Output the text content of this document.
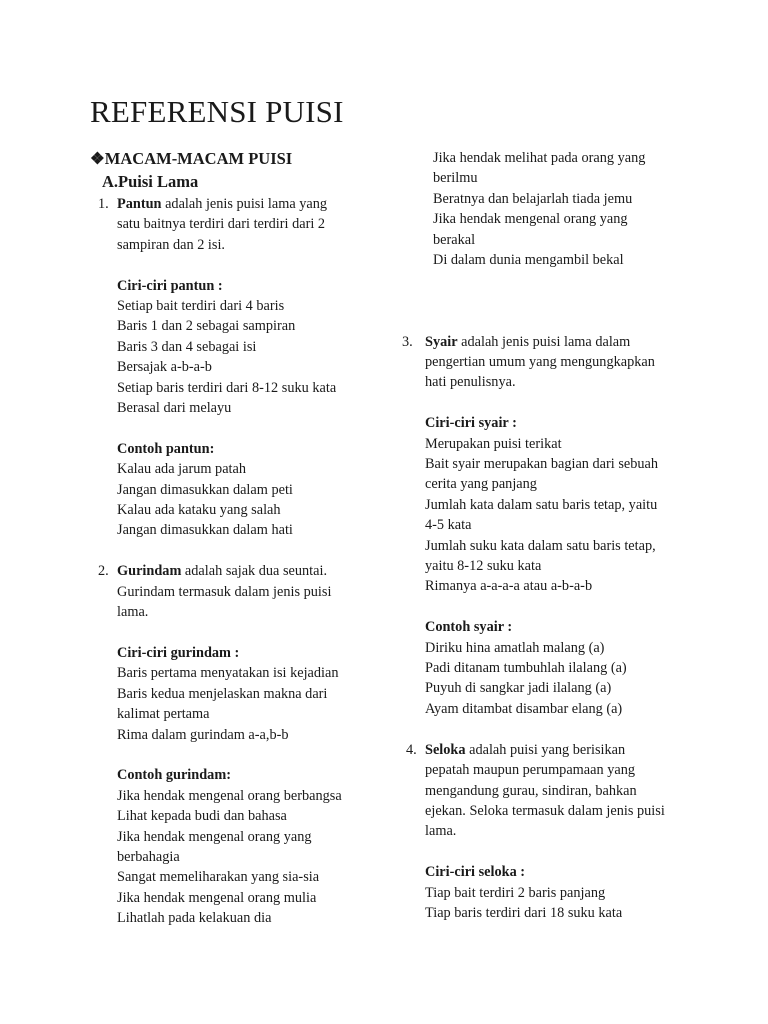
REFERENSI PUISI
❖MACAM-MACAM PUISI
A.Puisi Lama
1. Pantun adalah jenis puisi lama yang
satu baitnya terdiri dari terdiri dari 2
sampiran dan 2 isi.
Ciri-ciri pantun :
Setiap bait terdiri dari 4 baris
Baris 1 dan 2 sebagai sampiran
Baris 3 dan 4 sebagai isi
Bersajak a-b-a-b
Setiap baris terdiri dari 8-12 suku kata
Berasal dari melayu
Contoh pantun:
Kalau ada jarum patah
Jangan dimasukkan dalam peti
Kalau ada kataku yang salah
Jangan dimasukkan dalam hati
2. Gurindam adalah sajak dua seuntai.
Gurindam termasuk dalam jenis puisi
lama.
Ciri-ciri gurindam :
Baris pertama menyatakan isi kejadian
Baris kedua menjelaskan makna dari
kalimat pertama
Rima dalam gurindam a-a,b-b
Contoh gurindam:
Jika hendak mengenal orang berbangsa
Lihat kepada budi dan bahasa
Jika hendak mengenal orang yang
berbahagia
Sangat memeliharakan yang sia-sia
Jika hendak mengenal orang mulia
Lihatlah pada kelakuan dia
Jika hendak melihat pada orang yang
berilmu
Beratnya dan belajarlah tiada jemu
Jika hendak mengenal orang yang
berakal
Di dalam dunia mengambil bekal
3. Syair adalah jenis puisi lama dalam
pengertian umum yang mengungkapkan
hati penulisnya.
Ciri-ciri syair :
Merupakan puisi terikat
Bait syair merupakan bagian dari sebuah
cerita yang panjang
Jumlah kata dalam satu baris tetap, yaitu
4-5 kata
Jumlah suku kata dalam satu baris tetap,
yaitu 8-12 suku kata
Rimanya a-a-a-a atau a-b-a-b
Contoh syair :
Diriku hina amatlah malang (a)
Padi ditanam tumbuhlah ilalang (a)
Puyuh di sangkar jadi ilalang (a)
Ayam ditambat disambar elang (a)
4. Seloka adalah puisi yang berisikan
pepatah maupun perumpamaan yang
mengandung gurau, sindiran, bahkan
ejekan. Seloka termasuk dalam jenis puisi
lama.
Ciri-ciri seloka :
Tiap bait terdiri 2 baris panjang
Tiap baris terdiri dari 18 suku kata
